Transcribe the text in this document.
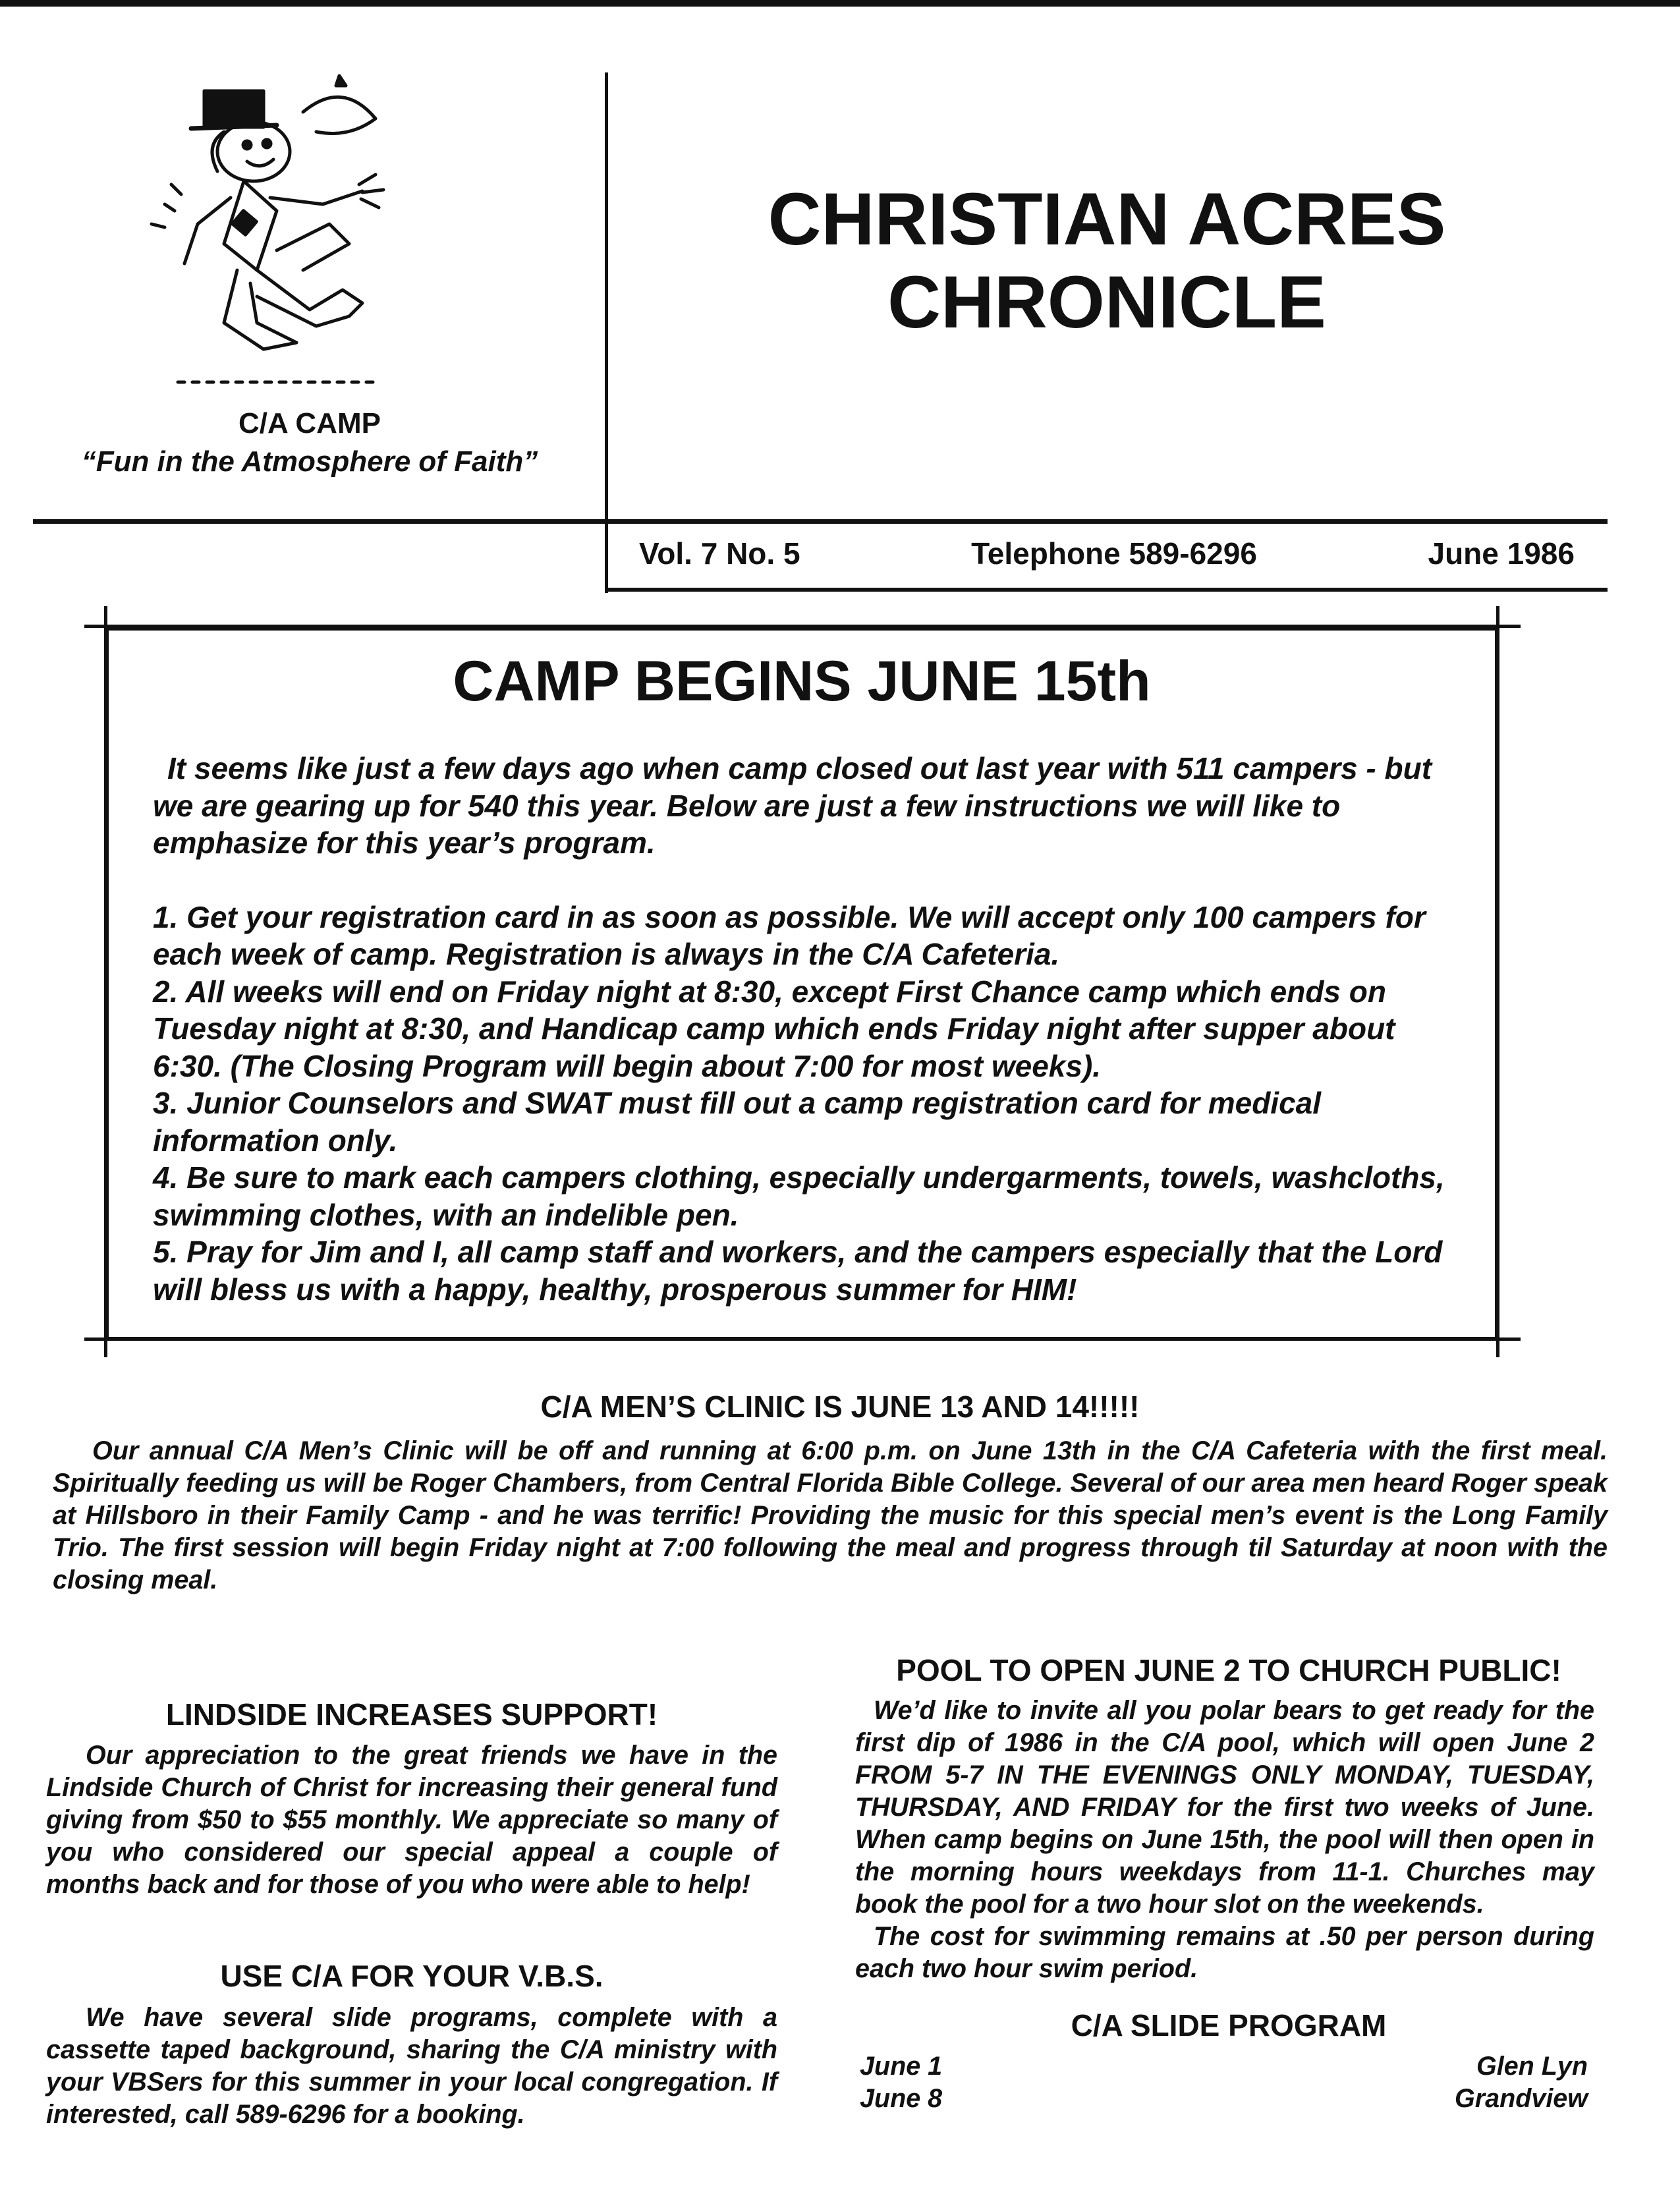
C/A CAMP
“Fun in the Atmosphere of Faith”
CHRISTIAN ACRES
CHRONICLE
Vol. 7 No. 5	Telephone 589-6296	June 1986
CAMP BEGINS JUNE 15th

It seems like just a few days ago when camp closed out last year with 511 campers - but we are gearing up for 540 this year. Below are just a few instructions we will like to emphasize for this year’s program.

1. Get your registration card in as soon as possible. We will accept only 100 campers for each week of camp. Registration is always in the C/A Cafeteria.

2. All weeks will end on Friday night at 8:30, except First Chance camp which ends on Tuesday night at 8:30, and Handicap camp which ends Friday night after supper about 6:30. (The Closing Program will begin about 7:00 for most weeks).

3. Junior Counselors and SWAT must fill out a camp registration card for medical information only.

4. Be sure to mark each campers clothing, especially undergarments, towels, washcloths, swimming clothes, with an indelible pen.

5. Pray for Jim and I, all camp staff and workers, and the campers especially that the Lord will bless us with a happy, healthy, prosperous summer for HIM!

C/A MEN’S CLINIC IS JUNE 13 AND 14!!!!!
Our annual C/A Men’s Clinic will be off and running at 6:00 p.m. on June 13th in the C/A Cafeteria with the first meal. Spiritually feeding us will be Roger Chambers, from Central Florida Bible College. Several of our area men heard Roger speak at Hillsboro in their Family Camp - and he was terrific! Providing the music for this special men’s event is the Long Family Trio. The first session will begin Friday night at 7:00 following the meal and progress through til Saturday at noon with the closing meal.
LINDSIDE INCREASES SUPPORT!
Our appreciation to the great friends we have in the Lindside Church of Christ for increasing their general fund giving from $50 to $55 monthly. We appreciate so many of you who considered our special appeal a couple of months back and for those of you who were able to help!
USE C/A FOR YOUR V.B.S.
We have several slide programs, complete with a cassette taped background, sharing the C/A ministry with your VBSers for this summer in your local congregation. If interested, call 589-6296 for a booking.
POOL TO OPEN JUNE 2 TO CHURCH PUBLIC!

We’d like to invite all you polar bears to get ready for the first dip of 1986 in the C/A pool, which will open June 2 FROM 5-7 IN THE EVENINGS ONLY MONDAY, TUESDAY, THURSDAY, AND FRIDAY for the first two weeks of June. When camp begins on June 15th, the pool will then open in the morning hours weekdays from 11-1. Churches may book the pool for a two hour slot on the weekends.

The cost for swimming remains at .50 per person during each two hour swim period.

C/A SLIDE PROGRAM
June 1
June 8
Glen Lyn
Grandview
